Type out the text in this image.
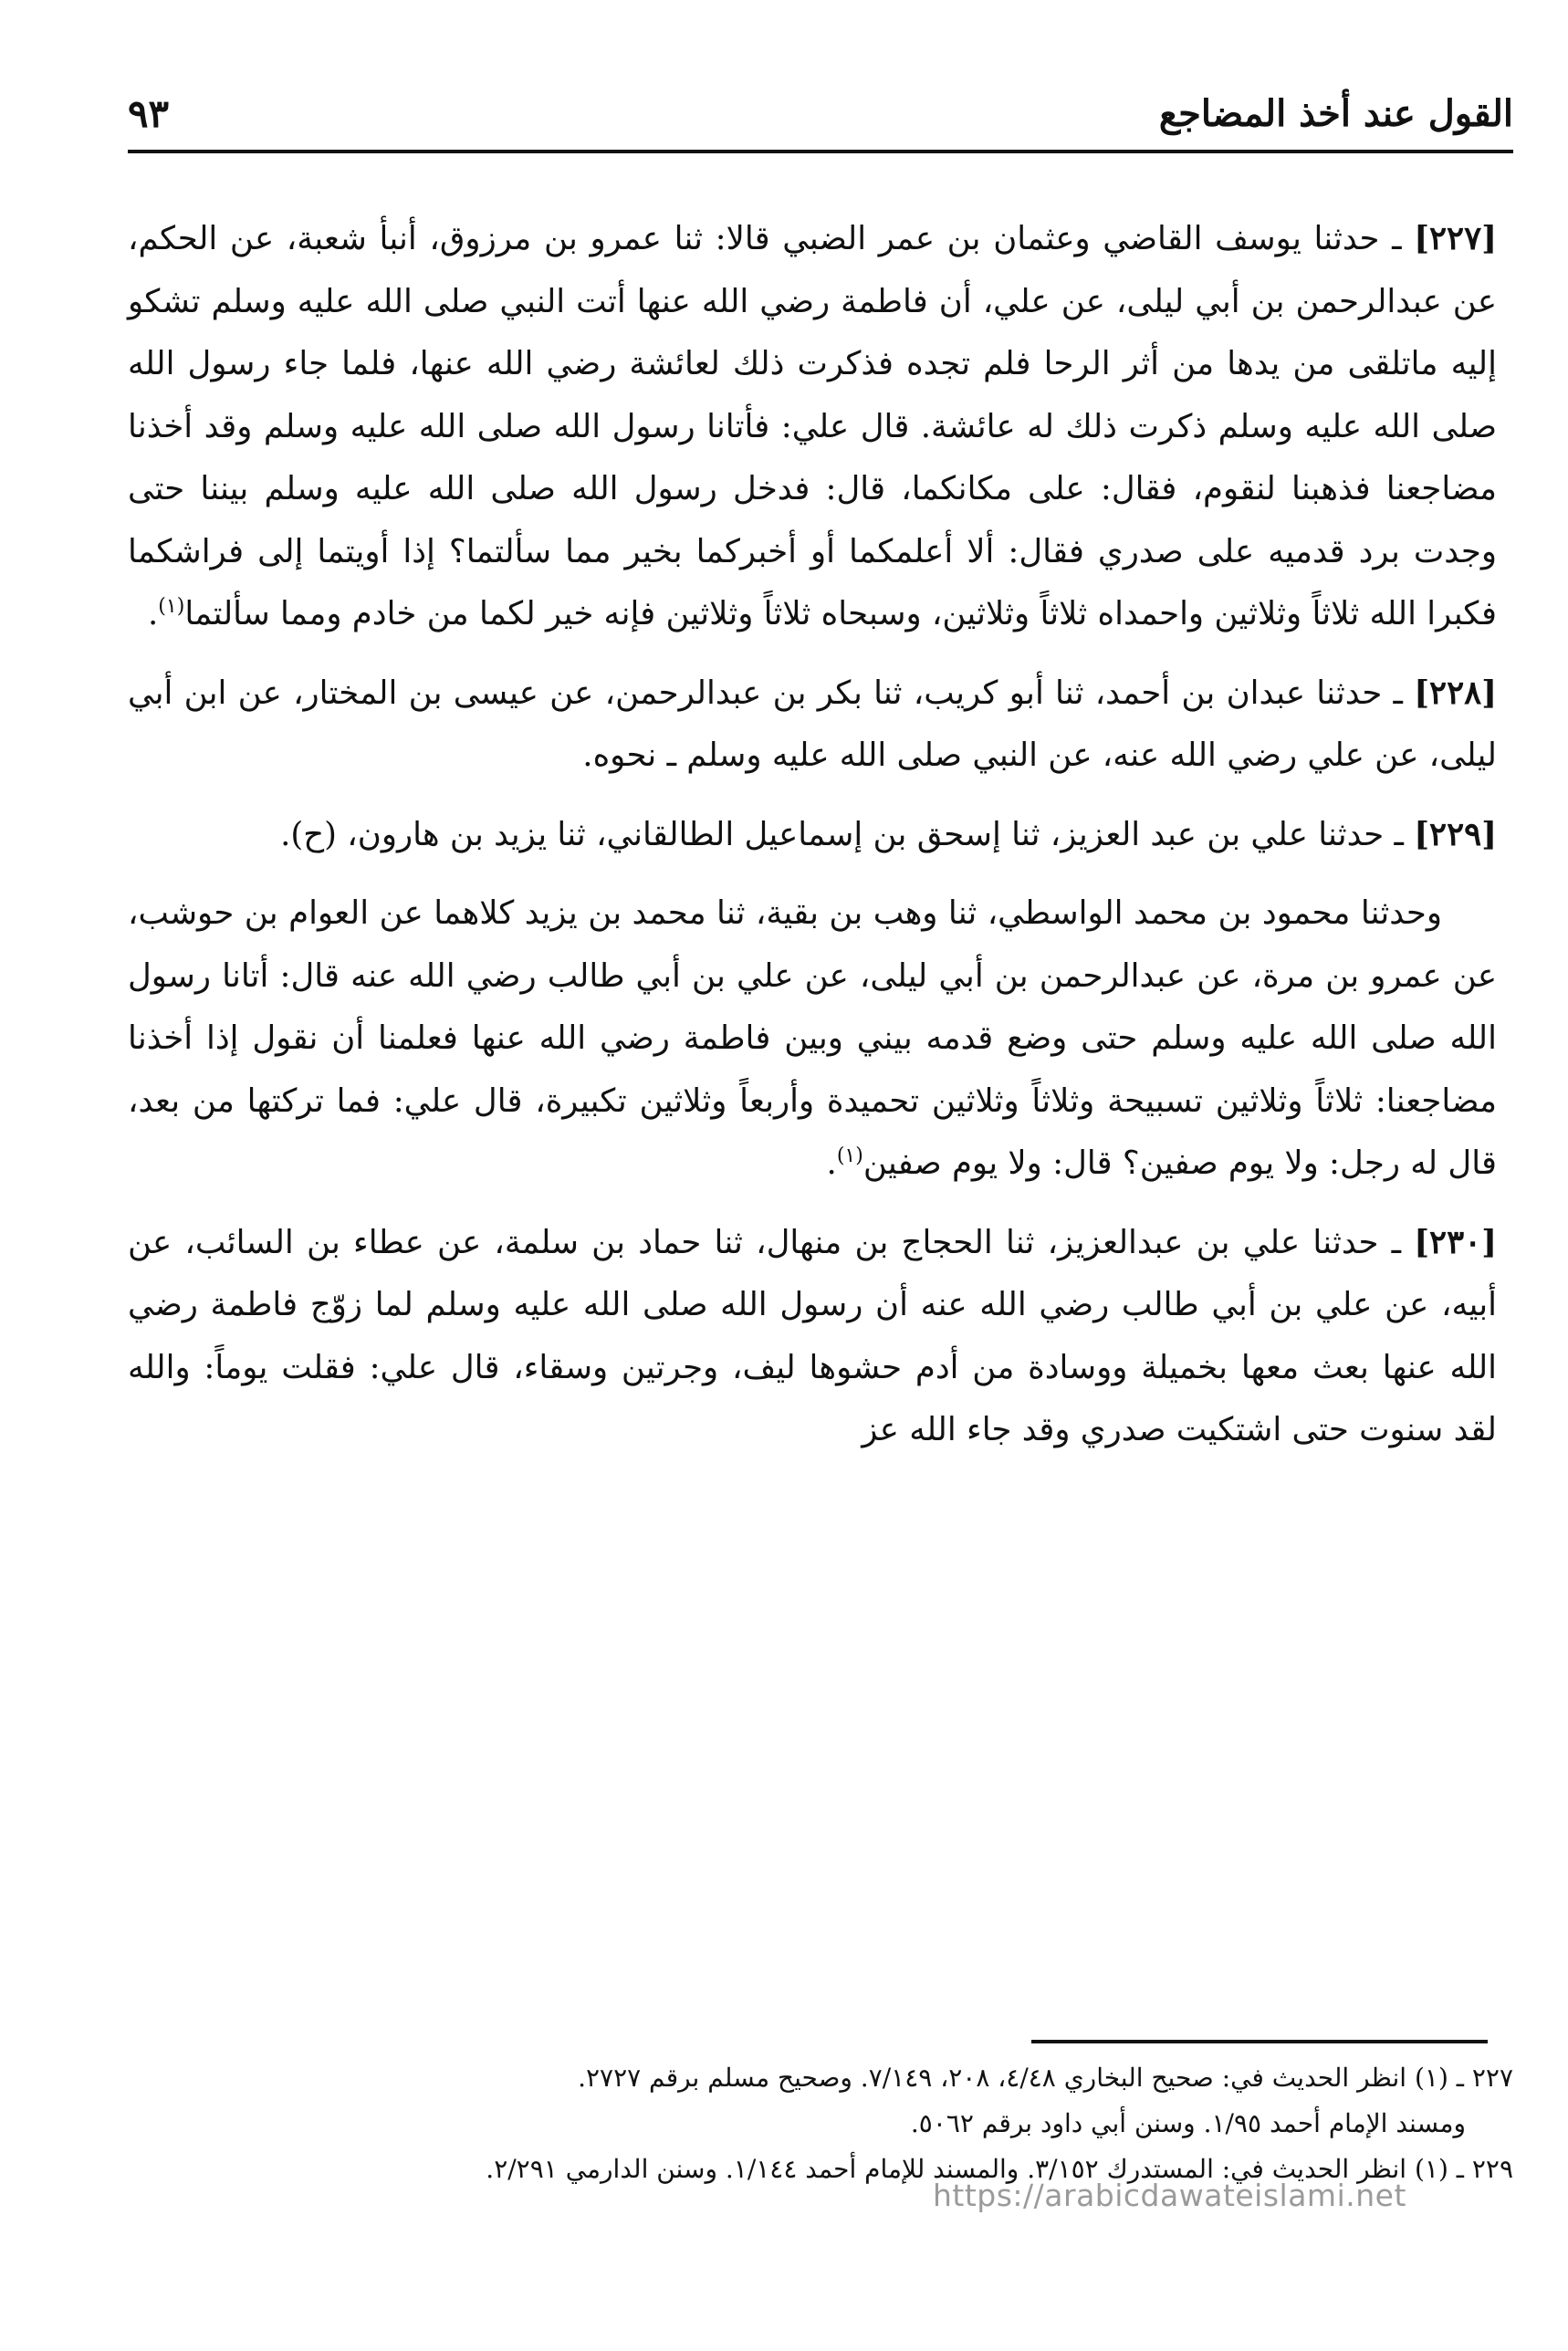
القول عند أخذ المضاجع
٩٣

[٢٢٧] ـ حدثنا يوسف القاضي وعثمان بن عمر الضبي قالا: ثنا عمرو بن مرزوق، أنبأ شعبة، عن الحكم، عن عبدالرحمن بن أبي ليلى، عن علي، أن فاطمة رضي الله عنها أتت النبي صلى الله عليه وسلم تشكو إليه ماتلقى من يدها من أثر الرحا فلم تجده فذكرت ذلك لعائشة رضي الله عنها، فلما جاء رسول الله صلى الله عليه وسلم ذكرت ذلك له عائشة. قال علي: فأتانا رسول الله صلى الله عليه وسلم وقد أخذنا مضاجعنا فذهبنا لنقوم، فقال: على مكانكما، قال: فدخل رسول الله صلى الله عليه وسلم بيننا حتى وجدت برد قدميه على صدري فقال: ألا أعلمكما أو أخبركما بخير مما سألتما؟ إذا أويتما إلى فراشكما فكبرا الله ثلاثاً وثلاثين واحمداه ثلاثاً وثلاثين، وسبحاه ثلاثاً وثلاثين فإنه خير لكما من خادم ومما سألتما$^{(١)}$.

[٢٢٨] ـ حدثنا عبدان بن أحمد، ثنا أبو كريب، ثنا بكر بن عبدالرحمن، عن عيسى بن المختار، عن ابن أبي ليلى، عن علي رضي الله عنه، عن النبي صلى الله عليه وسلم ـ نحوه.

[٢٢٩] ـ حدثنا علي بن عبد العزيز، ثنا إسحق بن إسماعيل الطالقاني، ثنا يزيد بن هارون، (ح).

وحدثنا محمود بن محمد الواسطي، ثنا وهب بن بقية، ثنا محمد بن يزيد كلاهما عن العوام بن حوشب، عن عمرو بن مرة، عن عبدالرحمن بن أبي ليلى، عن علي بن أبي طالب رضي الله عنه قال: أتانا رسول الله صلى الله عليه وسلم حتى وضع قدمه بيني وبين فاطمة رضي الله عنها فعلمنا أن نقول إذا أخذنا مضاجعنا: ثلاثاً وثلاثين تسبيحة وثلاثاً وثلاثين تحميدة وأربعاً وثلاثين تكبيرة، قال علي: فما تركتها من بعد، قال له رجل: ولا يوم صفين؟ قال: ولا يوم صفين$^{(١)}$.

[٢٣٠] ـ حدثنا علي بن عبدالعزيز، ثنا الحجاج بن منهال، ثنا حماد بن سلمة، عن عطاء بن السائب، عن أبيه، عن علي بن أبي طالب رضي الله عنه أن رسول الله صلى الله عليه وسلم لما زوّج فاطمة رضي الله عنها بعث معها بخميلة ووسادة من أدم حشوها ليف، وجرتين وسقاء، قال علي: فقلت يوماً: والله لقد سنوت حتى اشتكيت صدري وقد جاء الله عز

٢٢٧ ـ (١) انظر الحديث في: صحيح البخاري ٤/٤٨، ٢٠٨، ٧/١٤٩. وصحيح مسلم برقم ٢٧٢٧.

ومسند الإمام أحمد ١/٩٥. وسنن أبي داود برقم ٥٠٦٢.

٢٢٩ ـ (١) انظر الحديث في: المستدرك ٣/١٥٢. والمسند للإمام أحمد ١/١٤٤. وسنن الدارمي ٢/٢٩١.

https://arabicdawateislami.net
